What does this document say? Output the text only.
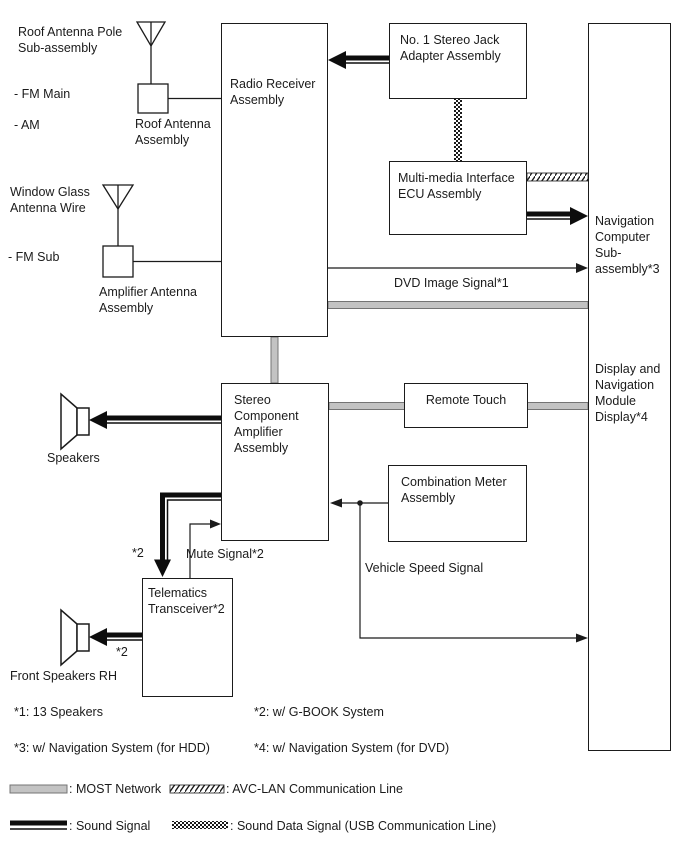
Radio Receiver Assembly
No. 1 Stereo Jack Adapter Assembly
Multi-media Interface ECU Assembly
Navigation Computer Sub-assembly*3
Display and Navigation Module Display*4
Stereo Component Amplifier Assembly
Remote Touch
Combination Meter Assembly
Telematics Transceiver*2
Roof Antenna Pole Sub-assembly
- FM Main
- AM	Roof Antenna Assembly
Window Glass Antenna Wire
- FM Sub
Amplifier Antenna Assembly
Speakers
Front Speakers RH
DVD Image Signal*1
*2	Mute Signal*2
Vehicle Speed Signal
*2
*1: 13 Speakers	*2: w/ G-BOOK System
*3: w/ Navigation System (for HDD)	*4: w/ Navigation System (for DVD)
: MOST Network	: AVC-LAN Communication Line
: Sound Signal	: Sound Data Signal (USB Communication Line)
